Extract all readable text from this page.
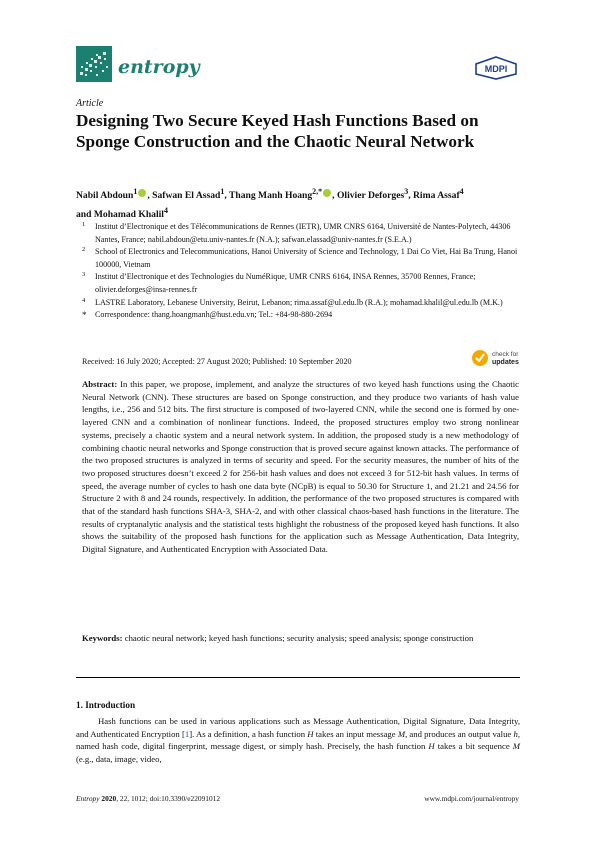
entropy	MDPI
Article
Designing Two Secure Keyed Hash Functions Based on Sponge Construction and the Chaotic Neural Network
Nabil Abdoun$^1$ , Safwan El Assad$^1$, Thang Manh Hoang$^{2,*}$ , Olivier Deforges$^3$, Rima Assaf$^4$
and Mohamad Khalil$^4$
1 Institut d’Electronique et des Télécommunications de Rennes (IETR), UMR CNRS 6164, Université de Nantes-Polytech, 44306 Nantes, France; nabil.abdoun@etu.univ-nantes.fr (N.A.); safwan.elassad@univ-nantes.fr (S.E.A.)
2 School of Electronics and Telecommunications, Hanoi University of Science and Technology, 1 Dai Co Viet, Hai Ba Trung, Hanoi 100000, Vietnam
3 Institut d’Electronique et des Technologies du NuméRique, UMR CNRS 6164, INSA Rennes, 35700 Rennes, France; olivier.deforges@insa-rennes.fr
4 LASTRE Laboratory, Lebanese University, Beirut, Lebanon; rima.assaf@ul.edu.lb (R.A.); mohamad.khalil@ul.edu.lb (M.K.)
* Correspondence: thang.hoangmanh@hust.edu.vn; Tel.: +84-98-880-2694
Received: 16 July 2020; Accepted: 27 August 2020; Published: 10 September 2020
check for
updates
Abstract: In this paper, we propose, implement, and analyze the structures of two keyed hash functions using the Chaotic Neural Network (CNN). These structures are based on Sponge construction, and they produce two variants of hash value lengths, i.e., 256 and 512 bits. The first structure is composed of two-layered CNN, while the second one is formed by one-layered CNN and a combination of nonlinear functions. Indeed, the proposed structures employ two strong nonlinear systems, precisely a chaotic system and a neural network system. In addition, the proposed study is a new methodology of combining chaotic neural networks and Sponge construction that is proved secure against known attacks. The performance of the two proposed structures is analyzed in terms of security and speed. For the security measures, the number of hits of the two proposed structures doesn’t exceed 2 for 256-bit hash values and does not exceed 3 for 512-bit hash values. In terms of speed, the average number of cycles to hash one data byte (NCpB) is equal to 50.30 for Structure 1, and 21.21 and 24.56 for Structure 2 with 8 and 24 rounds, respectively. In addition, the performance of the two proposed structures is compared with that of the standard hash functions SHA-3, SHA-2, and with other classical chaos-based hash functions in the literature. The results of cryptanalytic analysis and the statistical tests highlight the robustness of the proposed keyed hash functions. It also shows the suitability of the proposed hash functions for the application such as Message Authentication, Data Integrity, Digital Signature, and Authenticated Encryption with Associated Data.
Keywords: chaotic neural network; keyed hash functions; security analysis; speed analysis; sponge construction
1. Introduction
Hash functions can be used in various applications such as Message Authentication, Digital Signature, Data Integrity, and Authenticated Encryption [1]. As a definition, a hash function H takes an input message M, and produces an output value h, named hash code, digital fingerprint, message digest, or simply hash. Precisely, the hash function H takes a bit sequence M (e.g., data, image, video,
Entropy 2020, 22, 1012; doi:10.3390/e22091012	www.mdpi.com/journal/entropy
